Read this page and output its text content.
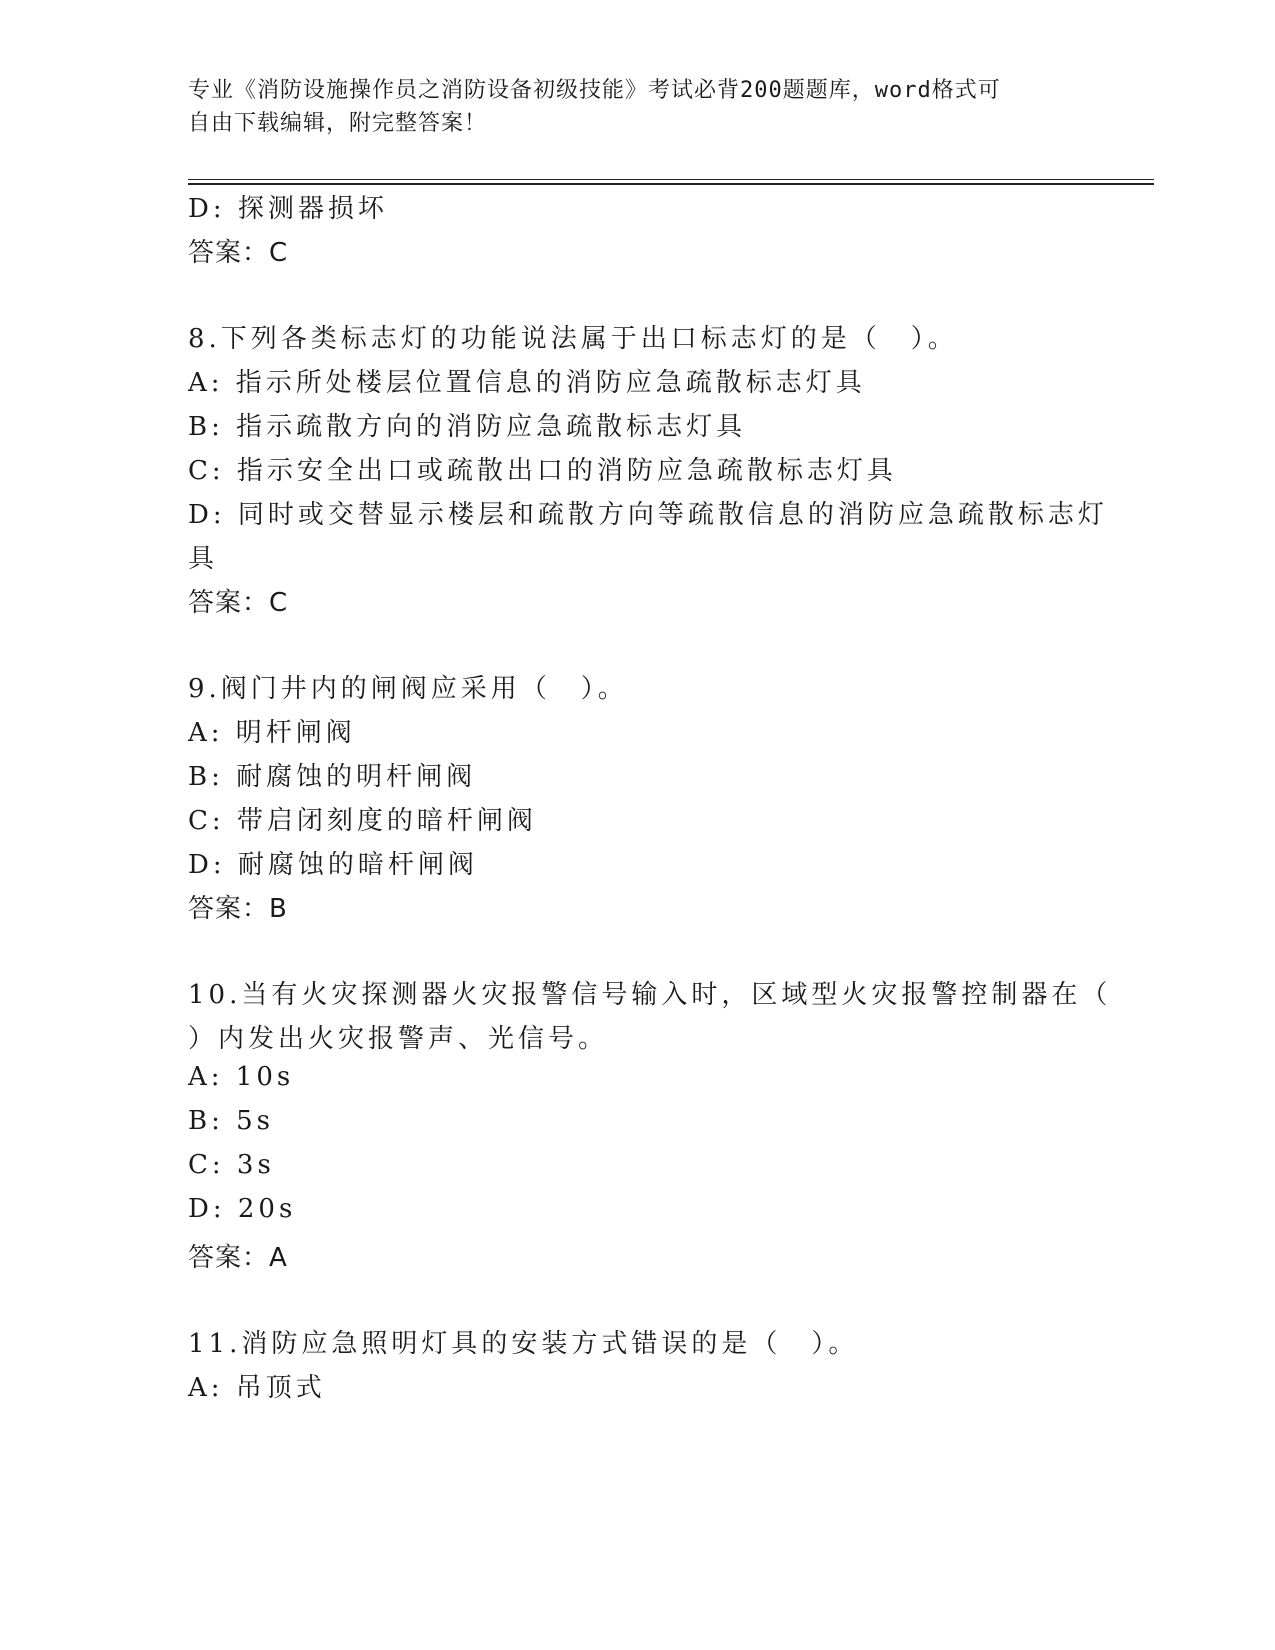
专业《消防设施操作员之消防设备初级技能》考试必背200题题库，word格式可
自由下载编辑，附完整答案！
D: 探测器损坏
答案：C
8.下列各类标志灯的功能说法属于出口标志灯的是（　）。
A: 指示所处楼层位置信息的消防应急疏散标志灯具
B: 指示疏散方向的消防应急疏散标志灯具
C: 指示安全出口或疏散出口的消防应急疏散标志灯具
D: 同时或交替显示楼层和疏散方向等疏散信息的消防应急疏散标志灯
具
答案：C
9.阀门井内的闸阀应采用（　）。
A: 明杆闸阀
B: 耐腐蚀的明杆闸阀
C: 带启闭刻度的暗杆闸阀
D: 耐腐蚀的暗杆闸阀
答案：B
10.当有火灾探测器火灾报警信号输入时，区域型火灾报警控制器在（
）内发出火灾报警声、光信号。
A: 10s
B: 5s
C: 3s
D: 20s
答案：A
11.消防应急照明灯具的安装方式错误的是（　）。
A: 吊顶式
